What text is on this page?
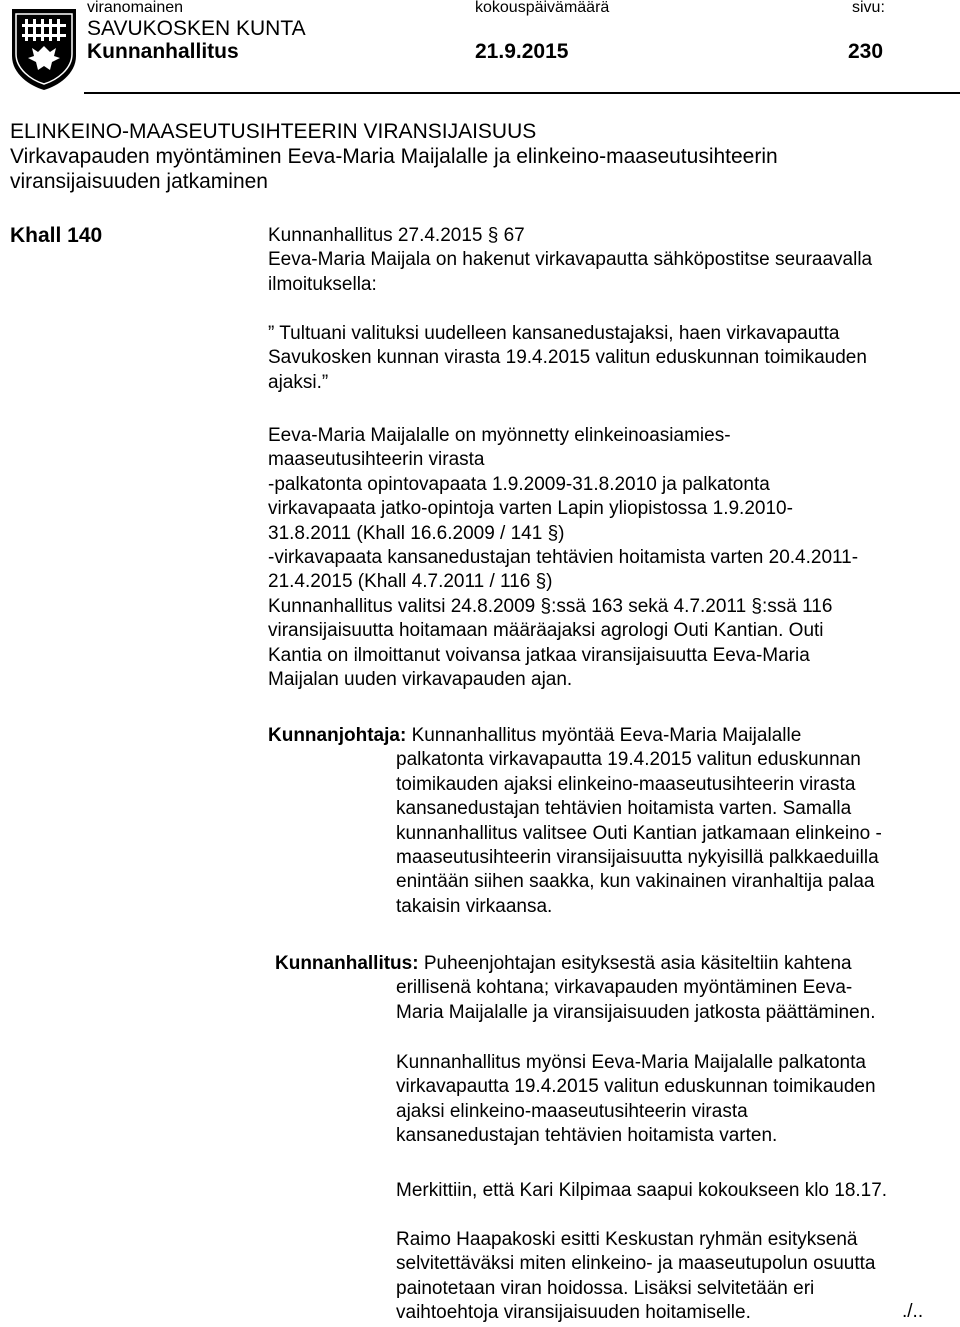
viranomainen	kokouspäivämäärä	sivu:
SAVUKOSKEN KUNTA
Kunnanhallitus	21.9.2015	230
ELINKEINO-MAASEUTUSIHTEERIN VIRANSIJAISUUS
Virkavapauden myöntäminen Eeva-Maria Maijalalle ja elinkeino-maaseutusihteerin
viransijaisuuden jatkaminen
Khall 140	Kunnanhallitus 27.4.2015 § 67
Eeva-Maria Maijala on hakenut virkavapautta sähköpostitse seuraavalla
ilmoituksella:
” Tultuani valituksi uudelleen kansanedustajaksi, haen virkavapautta
Savukosken kunnan virasta 19.4.2015 valitun eduskunnan toimikauden
ajaksi.”
Eeva-Maria Maijalalle on myönnetty elinkeinoasiamies-
maaseutusihteerin virasta
-palkatonta opintovapaata 1.9.2009-31.8.2010 ja palkatonta
virkavapaata jatko-opintoja varten Lapin yliopistossa 1.9.2010-
31.8.2011 (Khall 16.6.2009 / 141 §)
-virkavapaata kansanedustajan tehtävien hoitamista varten 20.4.2011-
21.4.2015 (Khall 4.7.2011 / 116 §)
Kunnanhallitus valitsi 24.8.2009 §:ssä 163 sekä 4.7.2011 §:ssä 116
viransijaisuutta hoitamaan määräajaksi agrologi Outi Kantian. Outi
Kantia on ilmoittanut voivansa jatkaa viransijaisuutta Eeva-Maria
Maijalan uuden virkavapauden ajan.
Kunnanjohtaja: Kunnanhallitus myöntää Eeva-Maria Maijalalle
palkatonta virkavapautta 19.4.2015 valitun eduskunnan
toimikauden ajaksi elinkeino-maaseutusihteerin virasta
kansanedustajan tehtävien hoitamista varten. Samalla
kunnanhallitus valitsee Outi Kantian jatkamaan elinkeino -
maaseutusihteerin viransijaisuutta nykyisillä palkkaeduilla
enintään siihen saakka, kun vakinainen viranhaltija palaa
takaisin virkaansa.
Kunnanhallitus: Puheenjohtajan esityksestä asia käsiteltiin kahtena
erillisenä kohtana; virkavapauden myöntäminen Eeva-
Maria Maijalalle ja viransijaisuuden jatkosta päättäminen.
Kunnanhallitus myönsi Eeva-Maria Maijalalle palkatonta
virkavapautta 19.4.2015 valitun eduskunnan toimikauden
ajaksi elinkeino-maaseutusihteerin virasta
kansanedustajan tehtävien hoitamista varten.
Merkittiin, että Kari Kilpimaa saapui kokoukseen klo 18.17.
Raimo Haapakoski esitti Keskustan ryhmän esityksenä
selvitettäväksi miten elinkeino- ja maaseutupolun osuutta
painotetaan viran hoidossa. Lisäksi selvitetään eri
vaihtoehtoja viransijaisuuden hoitamiselle.	./..
